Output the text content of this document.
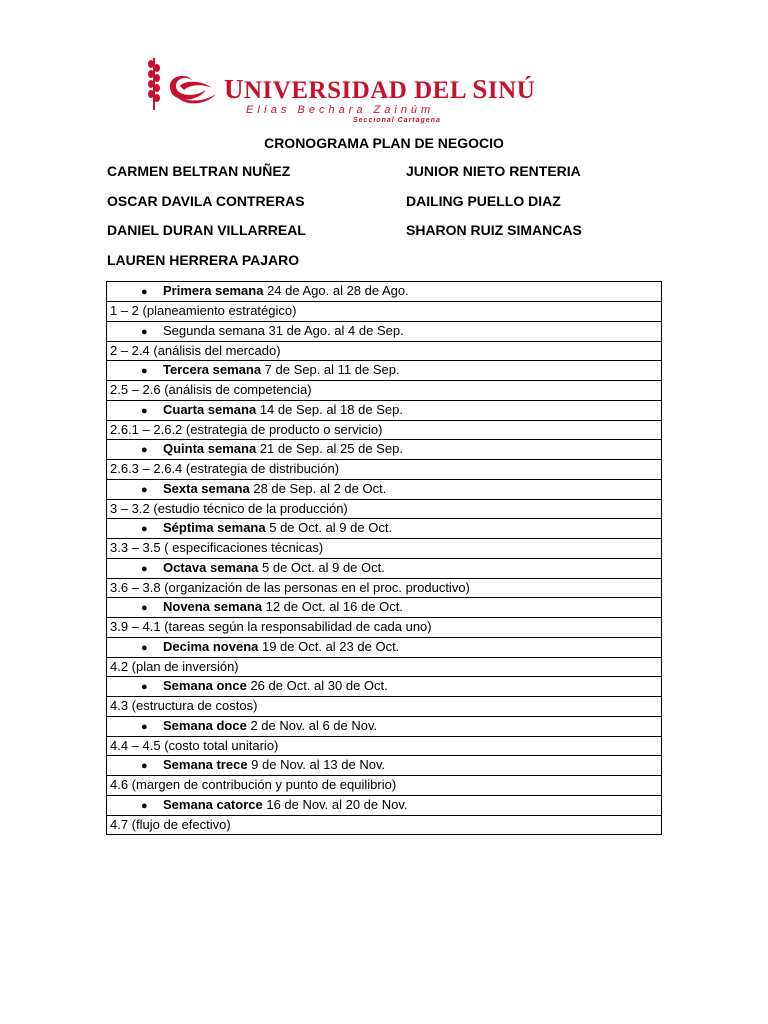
UNIVERSIDAD DEL SINÚ
Elías Bechara Zainúm
Seccional Cartagena
CRONOGRAMA PLAN DE NEGOCIO
CARMEN BELTRAN NUÑEZ	JUNIOR NIETO RENTERIA
OSCAR DAVILA CONTRERAS	DAILING PUELLO DIAZ
DANIEL DURAN VILLARREAL	SHARON RUIZ SIMANCAS
LAUREN HERRERA PAJARO
● Primera semana 24 de Ago. al 28 de Ago.
1 – 2 (planeamiento estratégico)
● Segunda semana 31 de Ago. al 4 de Sep.
2 – 2.4 (análisis del mercado)
● Tercera semana 7 de Sep. al 11 de Sep.
2.5 – 2.6 (análisis de competencia)
● Cuarta semana 14 de Sep. al 18 de Sep.
2.6.1 – 2.6.2 (estrategia de producto o servicio)
● Quinta semana 21 de Sep. al 25 de Sep.
2.6.3 – 2.6.4 (estrategia de distribución)
● Sexta semana 28 de Sep. al 2 de Oct.
3 – 3.2 (estudio técnico de la producción)
● Séptima semana 5 de Oct. al 9 de Oct.
3.3 – 3.5 ( especificaciones técnicas)
● Octava semana 5 de Oct. al 9 de Oct.
3.6 – 3.8 (organización de las personas en el proc. productivo)
● Novena semana 12 de Oct. al 16 de Oct.
3.9 – 4.1 (tareas según la responsabilidad de cada uno)
● Decima novena 19 de Oct. al 23 de Oct.
4.2 (plan de inversión)
● Semana once 26 de Oct. al 30 de Oct.
4.3 (estructura de costos)
● Semana doce 2 de Nov. al 6 de Nov.
4.4 – 4.5 (costo total unitario)
● Semana trece 9 de Nov. al 13 de Nov.
4.6 (margen de contribución y punto de equilibrio)
● Semana catorce 16 de Nov. al 20 de Nov.
4.7 (flujo de efectivo)
